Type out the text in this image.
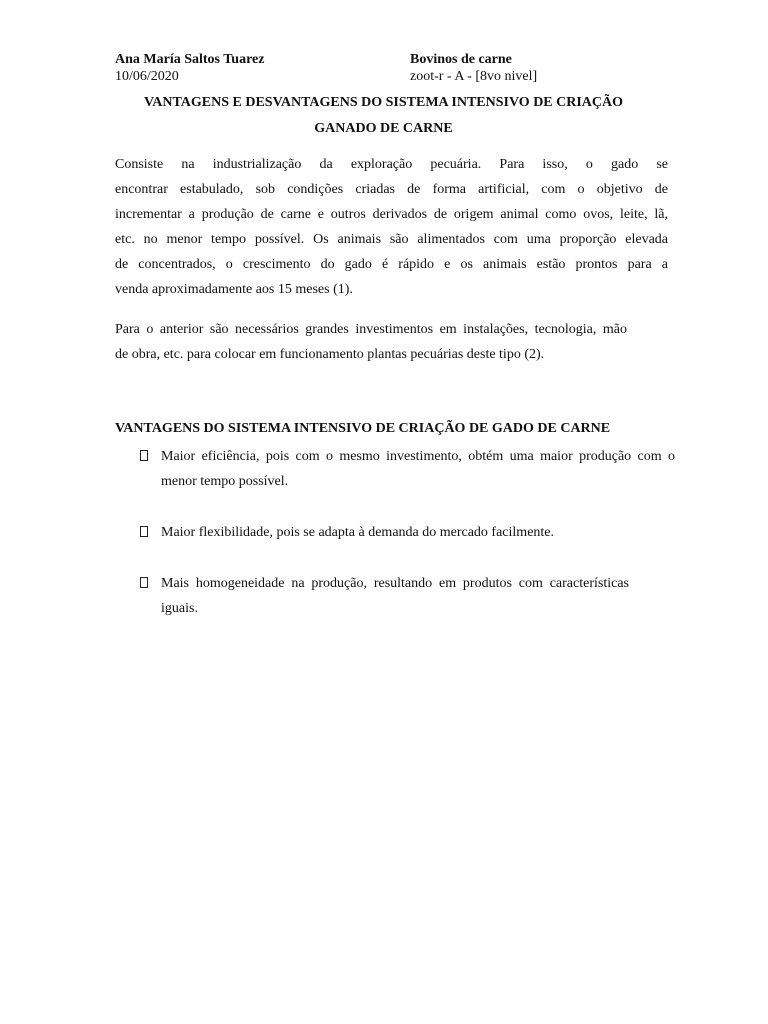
Ana María Saltos Tuarez
10/06/2020
Bovinos de carne
zoot-r - A - [8vo nivel]
VANTAGENS E DESVANTAGENS DO SISTEMA INTENSIVO DE CRIAÇÃO
GANADO DE CARNE

Consiste na industrialização da exploração pecuária. Para isso, o gado se
encontrar estabulado, sob condições criadas de forma artificial, com o objetivo de
incrementar a produção de carne e outros derivados de origem animal como ovos, leite, lã,
etc. no menor tempo possível. Os animais são alimentados com uma proporção elevada
de concentrados, o crescimento do gado é rápido e os animais estão prontos para a
venda aproximadamente aos 15 meses (1).

Para o anterior são necessários grandes investimentos em instalações, tecnologia, mão
de obra, etc. para colocar em funcionamento plantas pecuárias deste tipo (2).

VANTAGENS DO SISTEMA INTENSIVO DE CRIAÇÃO DE GADO DE CARNE
Maior eficiência, pois com o mesmo investimento, obtém uma maior produção com o
menor tempo possível.
Maior flexibilidade, pois se adapta à demanda do mercado facilmente.
Mais homogeneidade na produção, resultando em produtos com características
iguais.
